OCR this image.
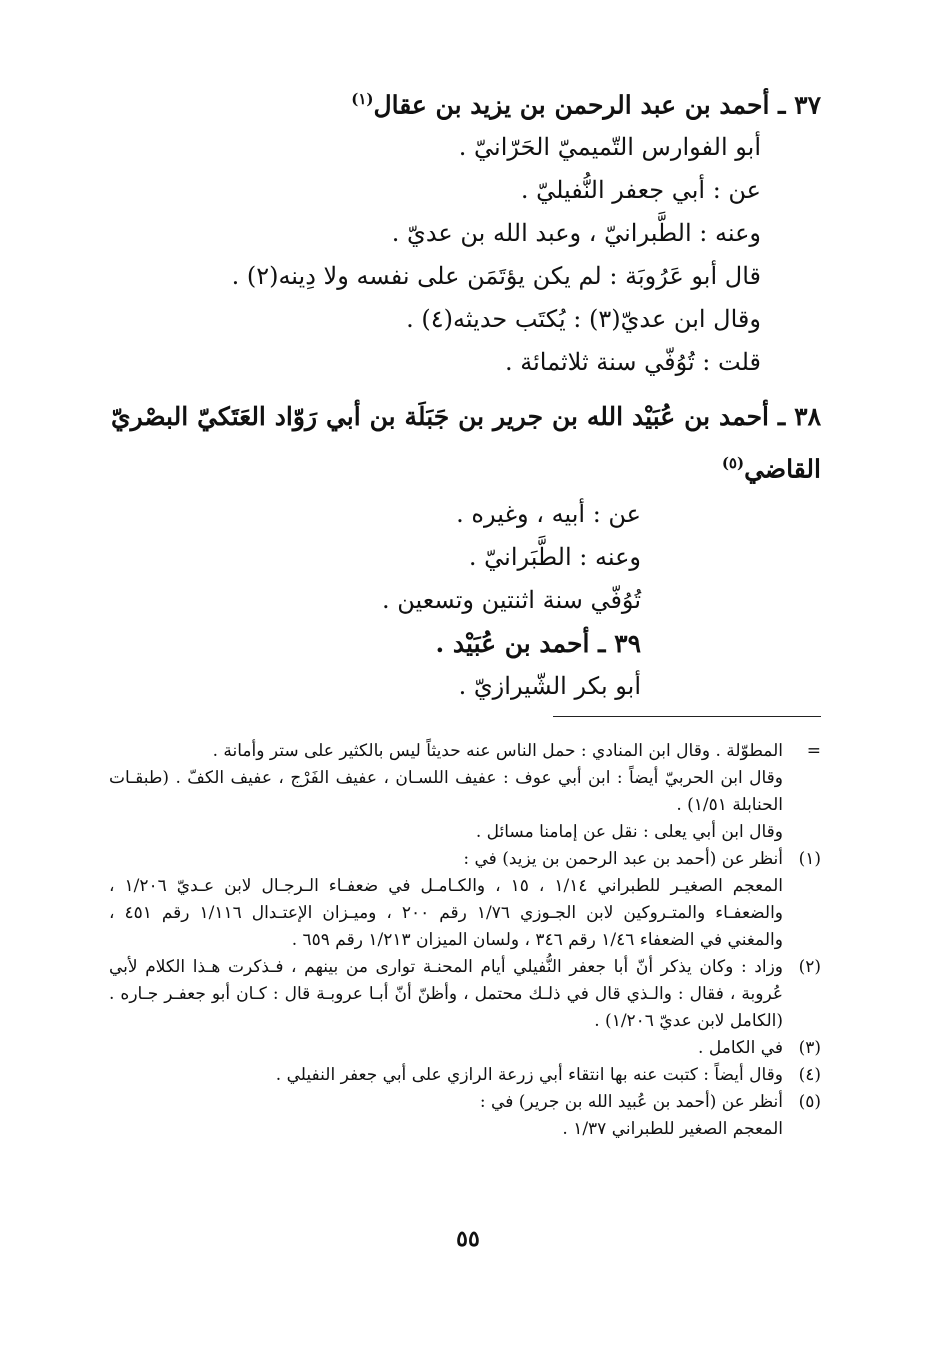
٣٧ ـ أحمد بن عبد الرحمن بن يزيد بن عقال$^{(١)}$
أبو الفوارس التّميميّ الحَرّانيّ .
عن : أبي جعفر النُّفيليّ .
وعنه : الطَّبرانيّ ، وعبد الله بن عديّ .
قال أبو عَرُوبَة : لم يكن يؤتَمَن على نفسه ولا دِينه(٢) .
وقال ابن عديّ(٣) : يُكتَب حديثه(٤) .
قلت : تُوُفّي سنة ثلاثمائة .
٣٨ ـ أحمد بن عُبَيْد الله بن جرير بن جَبَلَة بن أبي رَوّاد العَتَكيّ البصْريّ القاضي$^{(٥)}$
عن : أبيه ، وغيره .
وعنه : الطَّبَرانيّ .
تُوُفّي سنة اثنتين وتسعين .
٣٩ ـ أحمد بن عُبَيْد .
أبو بكر الشّيرازيّ .
=
المطوّلة . وقال ابن المنادي : حمل الناس عنه حديثاً ليس بالكثير على ستر وأمانة .
وقال ابن الحربيّ أيضاً : ابن أبي عوف : عفيف اللسـان ، عفيف الفَرْج ، عفيف الكفّ . (طبقـات الحنابلة ١/٥١) .
وقال ابن أبي يعلى : نقل عن إمامنا مسائل .
(١)
أنظر عن (أحمد بن عبد الرحمن بن يزيد) في :
المعجم الصغيـر للطبراني ١/١٤ ، ١٥ ، والكـامـل في ضعفـاء الـرجـال لابن عـديّ ١/٢٠٦ ، والضعفـاء والمتـروكين لابن الجـوزي ١/٧٦ رقم ٢٠٠ ، وميـزان الإعتـدال ١/١١٦ رقم ٤٥١ ، والمغني في الضعفاء ١/٤٦ رقم ٣٤٦ ، ولسان الميزان ١/٢١٣ رقم ٦٥٩ .
(٢)
وزاد : وكان يذكر أنّ أبا جعفر النُّفيلي أيام المحنـة توارى من بينهم ، فـذكرت هـذا الكلام لأبي عُروبة ، فقال : والـذي قال في ذلـك محتمل ، وأظنّ أنّ أبـا عروبـة قال : كـان أبو جعفـر جـاره . (الكامل لابن عديّ ١/٢٠٦) .
(٣)
في الكامل .
(٤)
وقال أيضاً : كتبت عنه بها انتقاء أبي زرعة الرازي على أبي جعفر النفيلي .
(٥)
أنظر عن (أحمد بن عُبيد الله بن جرير) في :
المعجم الصغير للطبراني ١/٣٧ .
٥٥
